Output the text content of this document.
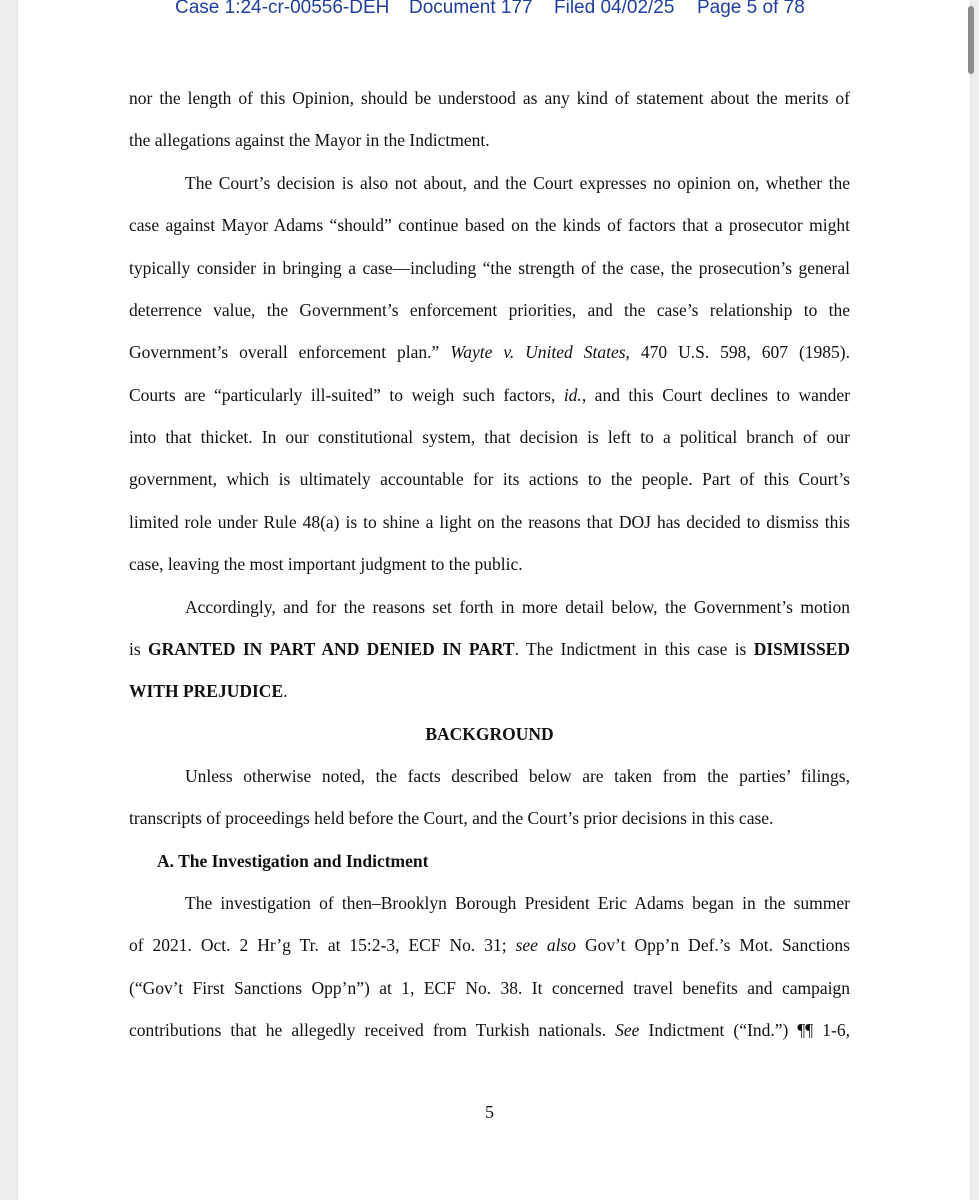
Case 1:24-cr-00556-DEH Document 177 Filed 04/02/25 Page 5 of 78
nor the length of this Opinion, should be understood as any kind of statement about the merits of
the allegations against the Mayor in the Indictment.
The Court’s decision is also not about, and the Court expresses no opinion on, whether the
case against Mayor Adams “should” continue based on the kinds of factors that a prosecutor might
typically consider in bringing a case—including “the strength of the case, the prosecution’s general
deterrence value, the Government’s enforcement priorities, and the case’s relationship to the
Government’s overall enforcement plan.” Wayte v. United States, 470 U.S. 598, 607 (1985).
Courts are “particularly ill-suited” to weigh such factors, id., and this Court declines to wander
into that thicket. In our constitutional system, that decision is left to a political branch of our
government, which is ultimately accountable for its actions to the people. Part of this Court’s
limited role under Rule 48(a) is to shine a light on the reasons that DOJ has decided to dismiss this
case, leaving the most important judgment to the public.
Accordingly, and for the reasons set forth in more detail below, the Government’s motion
is GRANTED IN PART AND DENIED IN PART. The Indictment in this case is DISMISSED
WITH PREJUDICE.
BACKGROUND
Unless otherwise noted, the facts described below are taken from the parties’ filings,
transcripts of proceedings held before the Court, and the Court’s prior decisions in this case.
A. The Investigation and Indictment
The investigation of then–Brooklyn Borough President Eric Adams began in the summer
of 2021. Oct. 2 Hr’g Tr. at 15:2-3, ECF No. 31; see also Gov’t Opp’n Def.’s Mot. Sanctions
(“Gov’t First Sanctions Opp’n”) at 1, ECF No. 38. It concerned travel benefits and campaign
contributions that he allegedly received from Turkish nationals. See Indictment (“Ind.”) ¶¶ 1-6,
5
